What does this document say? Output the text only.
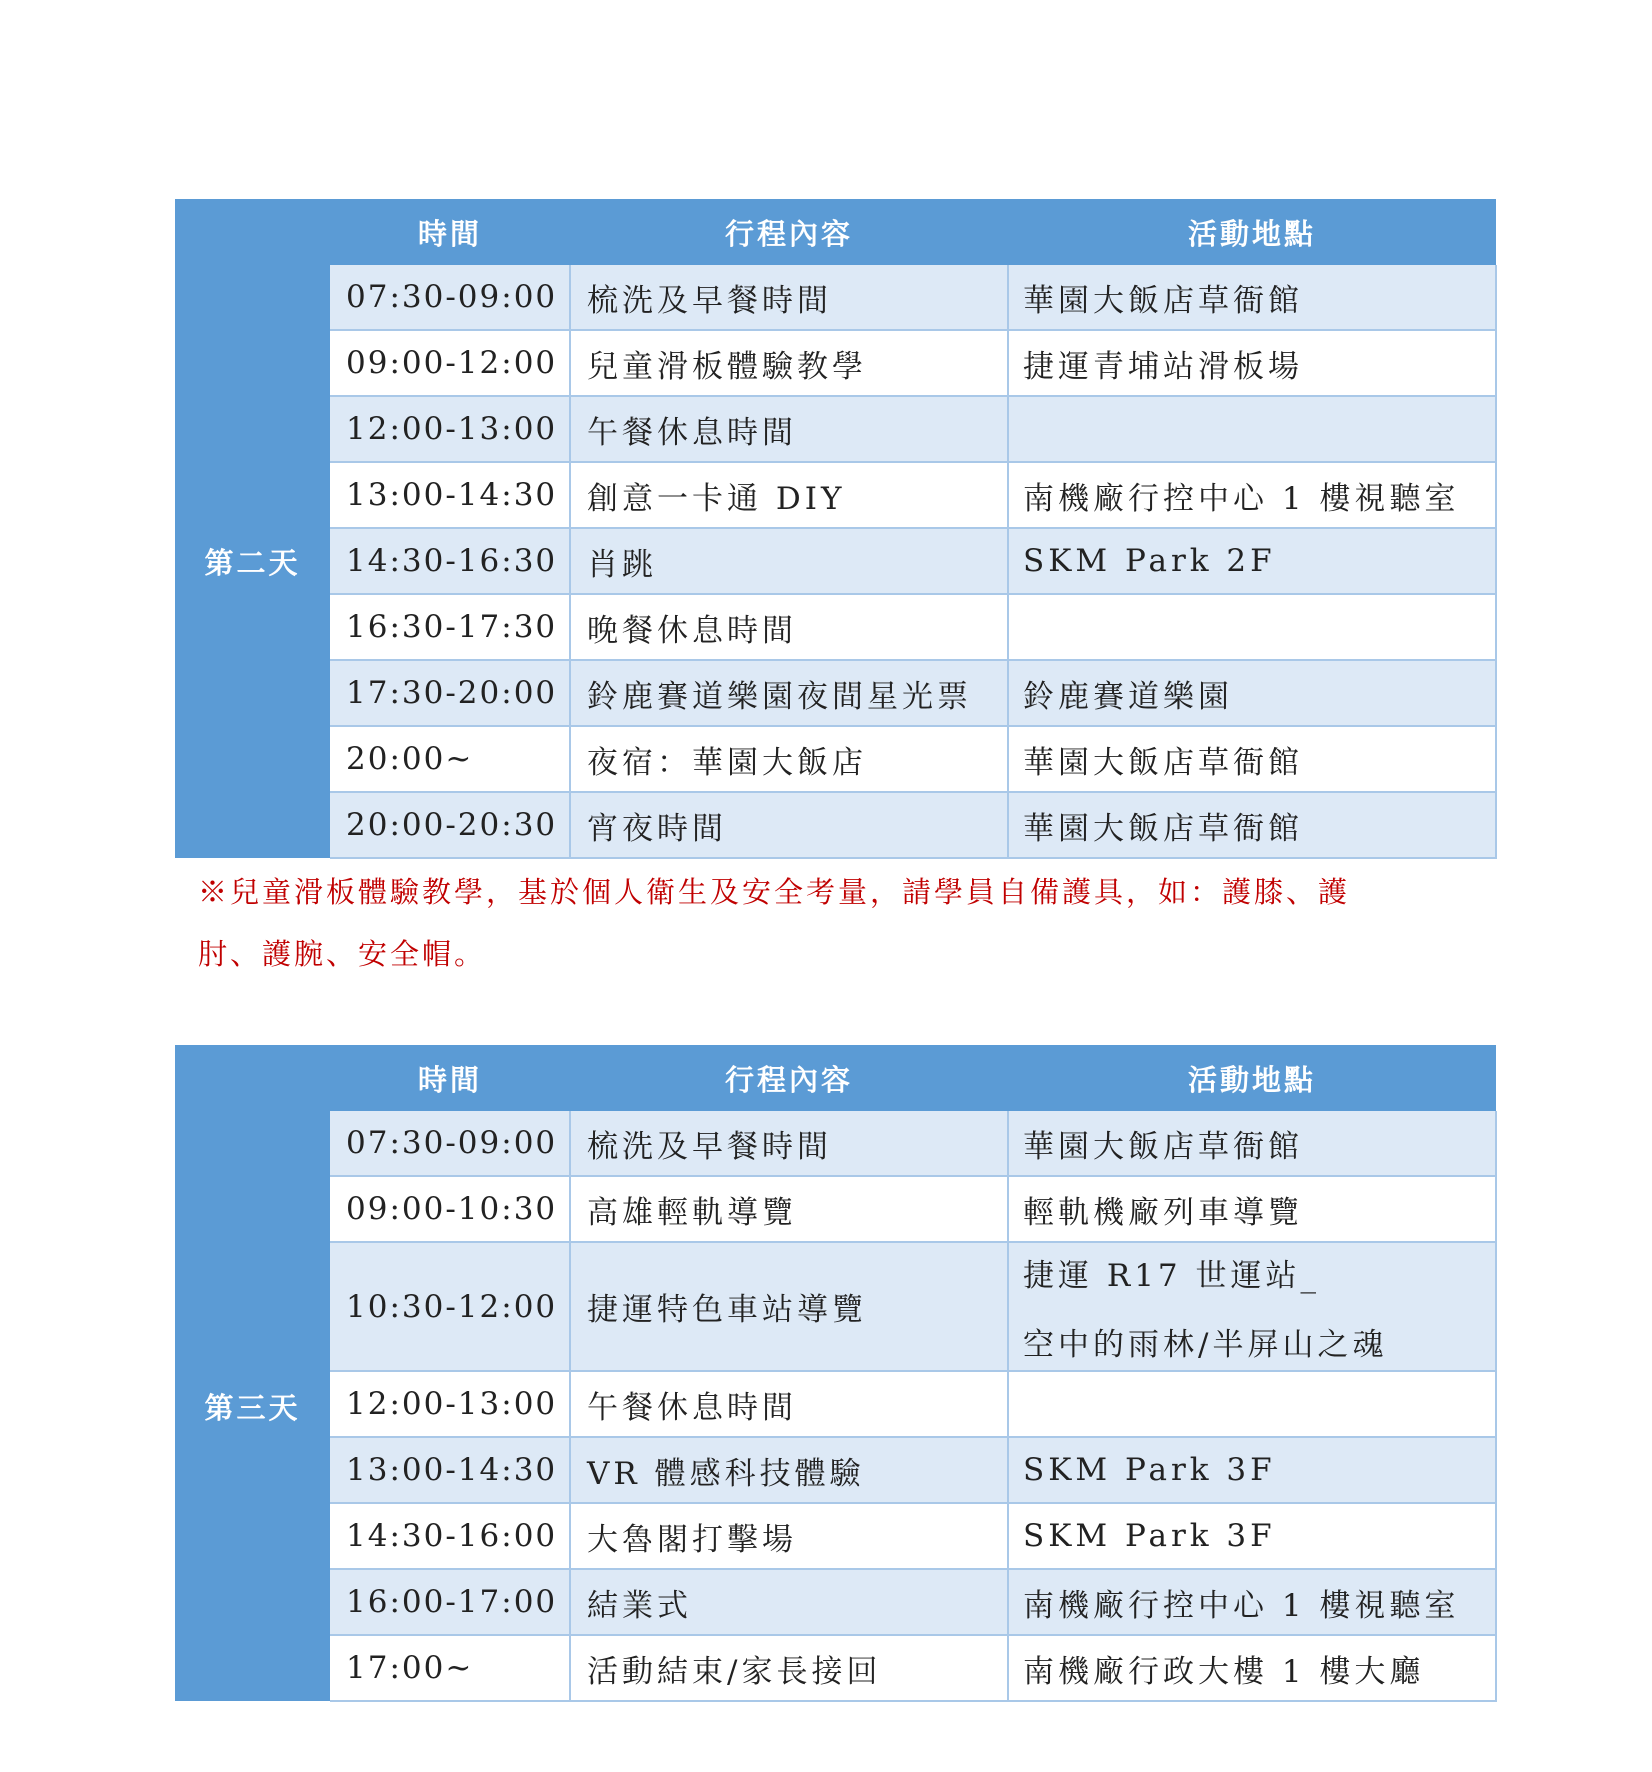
	時間	行程內容	活動地點
第二天	07:30-09:00	梳洗及早餐時間	華園大飯店草衙館
	09:00-12:00	兒童滑板體驗教學	捷運青埔站滑板場
	12:00-13:00	午餐休息時間	
	13:00-14:30	創意一卡通 DIY	南機廠行控中心 1 樓視聽室
	14:30-16:30	肖跳	SKM Park 2F
	16:30-17:30	晚餐休息時間	
	17:30-20:00	鈴鹿賽道樂園夜間星光票	鈴鹿賽道樂園
	20:00~	夜宿：華園大飯店	華園大飯店草衙館
	20:00-20:30	宵夜時間	華園大飯店草衙館
※兒童滑板體驗教學，基於個人衛生及安全考量，請學員自備護具，如：護膝、護
肘、護腕、安全帽。
	時間	行程內容	活動地點
第三天	07:30-09:00	梳洗及早餐時間	華園大飯店草衙館
	09:00-10:30	高雄輕軌導覽	輕軌機廠列車導覽
	10:30-12:00	捷運特色車站導覽	捷運 R17 世運站_
空中的雨林/半屏山之魂

	12:00-13:00	午餐休息時間	
	13:00-14:30	VR 體感科技體驗	SKM Park 3F
	14:30-16:00	大魯閣打擊場	SKM Park 3F
	16:00-17:00	結業式	南機廠行控中心 1 樓視聽室
	17:00~	活動結束/家長接回	南機廠行政大樓 1 樓大廳
